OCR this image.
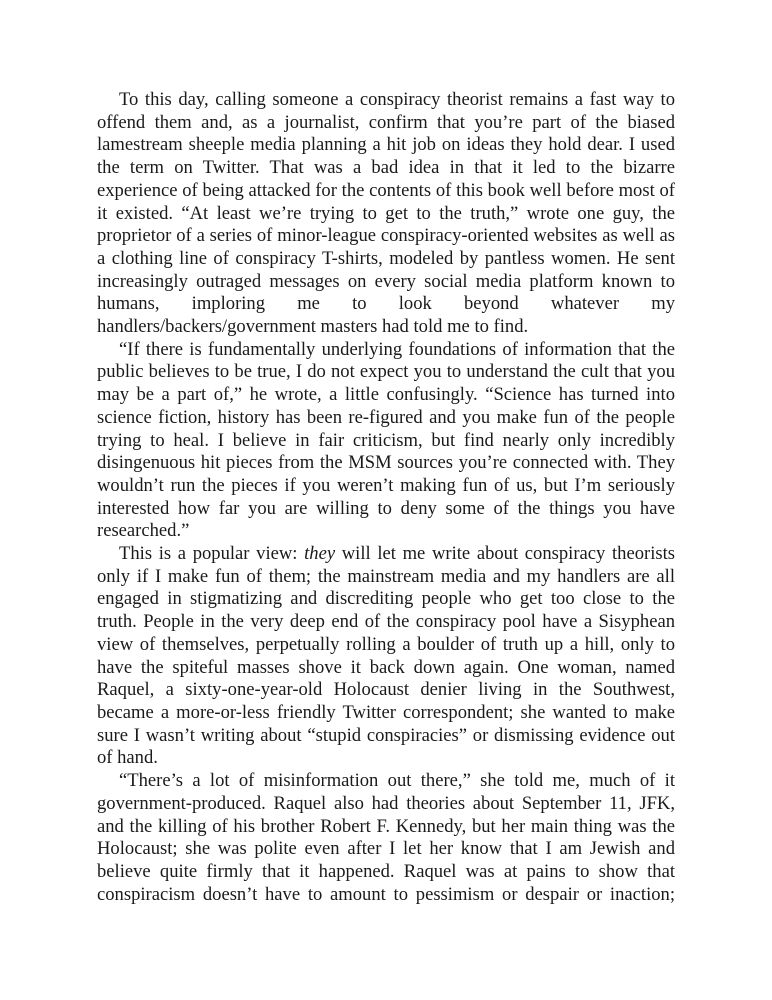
To this day, calling someone a conspiracy theorist remains a fast way to offend them and, as a journalist, confirm that you’re part of the biased lamestream sheeple media planning a hit job on ideas they hold dear. I used the term on Twitter. That was a bad idea in that it led to the bizarre experience of being attacked for the contents of this book well before most of it existed. “At least we’re trying to get to the truth,” wrote one guy, the proprietor of a series of minor-league conspiracy-oriented websites as well as a clothing line of conspiracy T-shirts, modeled by pantless women. He sent increasingly outraged messages on every social media platform known to humans, imploring me to look beyond whatever my handlers/backers/government masters had told me to find.

“If there is fundamentally underlying foundations of information that the public believes to be true, I do not expect you to understand the cult that you may be a part of,” he wrote, a little confusingly. “Science has turned into science fiction, history has been re-figured and you make fun of the people trying to heal. I believe in fair criticism, but find nearly only incredibly disingenuous hit pieces from the MSM sources you’re connected with. They wouldn’t run the pieces if you weren’t making fun of us, but I’m seriously interested how far you are willing to deny some of the things you have researched.”

This is a popular view: they will let me write about conspiracy theorists only if I make fun of them; the mainstream media and my handlers are all engaged in stigmatizing and discrediting people who get too close to the truth. People in the very deep end of the conspiracy pool have a Sisyphean view of themselves, perpetually rolling a boulder of truth up a hill, only to have the spiteful masses shove it back down again. One woman, named Raquel, a sixty-one-year-old Holocaust denier living in the Southwest, became a more-or-less friendly Twitter correspondent; she wanted to make sure I wasn’t writing about “stupid conspiracies” or dismissing evidence out of hand.

“There’s a lot of misinformation out there,” she told me, much of it government-produced. Raquel also had theories about September 11, JFK, and the killing of his brother Robert F. Kennedy, but her main thing was the Holocaust; she was polite even after I let her know that I am Jewish and believe quite firmly that it happened. Raquel was at pains to show that conspiracism doesn’t have to amount to pessimism or despair or inaction;
